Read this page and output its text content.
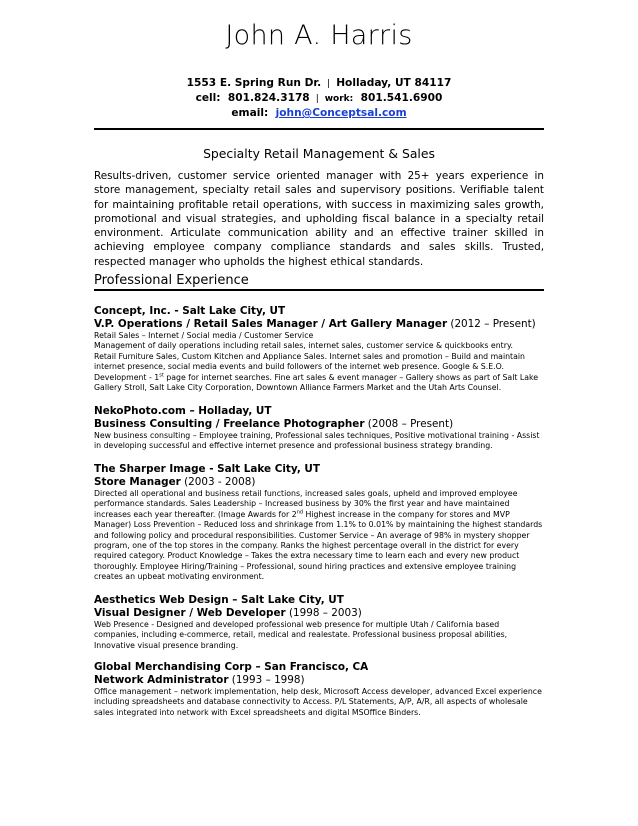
John A. Harris
1553 E. Spring Run Dr. | Holladay, UT 84117
cell: 801.824.3178 | work: 801.541.6900
email: john@Conceptsal.com
Specialty Retail Management & Sales
Results-driven, customer service oriented manager with 25+ years experience in store management, specialty retail sales and supervisory positions. Verifiable talent for maintaining profitable retail operations, with success in maximizing sales growth, promotional and visual strategies, and upholding fiscal balance in a specialty retail environment. Articulate communication ability and an effective trainer skilled in achieving employee company compliance standards and sales skills. Trusted, respected manager who upholds the highest ethical standards.
Professional Experience
Concept, Inc. - Salt Lake City, UT
V.P. Operations / Retail Sales Manager / Art Gallery Manager (2012 – Present)
Retail Sales – Internet / Social media / Customer Service
Management of daily operations including retail sales, internet sales, customer service & quickbooks entry.
Retail Furniture Sales, Custom Kitchen and Appliance Sales. Internet sales and promotion – Build and maintain internet presence, social media events and build followers of the internet web presence. Google & S.E.O.
Development - 1st page for internet searches. Fine art sales & event manager – Gallery shows as part of Salt Lake Gallery Stroll, Salt Lake City Corporation, Downtown Alliance Farmers Market and the Utah Arts Counsel.
NekoPhoto.com – Holladay, UT
Business Consulting / Freelance Photographer (2008 – Present)
New business consulting – Employee training, Professional sales techniques, Positive motivational training - Assist in developing successful and effective internet presence and professional business strategy branding.
The Sharper Image - Salt Lake City, UT
Store Manager (2003 - 2008)
Directed all operational and business retail functions, increased sales goals, upheld and improved employee performance standards. Sales Leadership – Increased business by 30% the first year and have maintained increases each year thereafter. (Image Awards for 2nd Highest increase in the company for stores and MVP Manager) Loss Prevention – Reduced loss and shrinkage from 1.1% to 0.01% by maintaining the highest standards and following policy and procedural responsibilities. Customer Service – An average of 98% in mystery shopper program, one of the top stores in the company. Ranks the highest percentage overall in the district for every required category. Product Knowledge – Takes the extra necessary time to learn each and every new product thoroughly. Employee Hiring/Training – Professional, sound hiring practices and extensive employee training creates an upbeat motivating environment.
Aesthetics Web Design – Salt Lake City, UT
Visual Designer / Web Developer (1998 – 2003)
Web Presence - Designed and developed professional web presence for multiple Utah / California based companies, including e-commerce, retail, medical and realestate. Professional business proposal abilities, Innovative visual presence branding.
Global Merchandising Corp – San Francisco, CA
Network Administrator (1993 – 1998)
Office management – network implementation, help desk, Microsoft Access developer, advanced Excel experience including spreadsheets and database connectivity to Access. P/L Statements, A/P, A/R, all aspects of wholesale sales integrated into network with Excel spreadsheets and digital MSOffice Binders.
